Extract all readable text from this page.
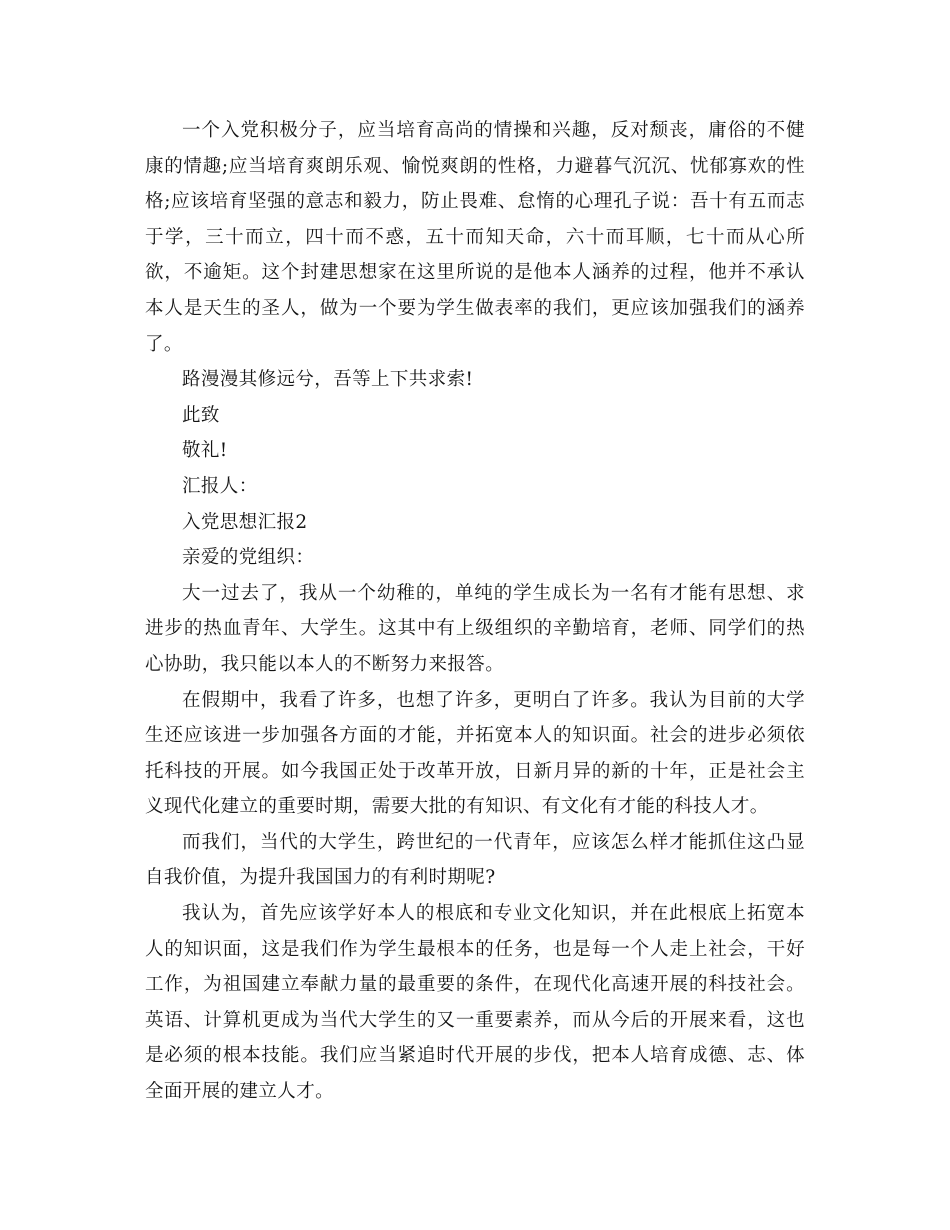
一个入党积极分子，应当培育高尚的情操和兴趣，反对颓丧，庸俗的不健康的情趣;应当培育爽朗乐观、愉悦爽朗的性格，力避暮气沉沉、忧郁寡欢的性格;应该培育坚强的意志和毅力，防止畏难、怠惰的心理孔子说：吾十有五而志于学，三十而立，四十而不惑，五十而知天命，六十而耳顺，七十而从心所欲，不逾矩。这个封建思想家在这里所说的是他本人涵养的过程，他并不承认本人是天生的圣人，做为一个要为学生做表率的我们，更应该加强我们的涵养了。

路漫漫其修远兮，吾等上下共求索!

此致

敬礼!

汇报人：

入党思想汇报2

亲爱的党组织：

大一过去了，我从一个幼稚的，单纯的学生成长为一名有才能有思想、求进步的热血青年、大学生。这其中有上级组织的辛勤培育，老师、同学们的热心协助，我只能以本人的不断努力来报答。

在假期中，我看了许多，也想了许多，更明白了许多。我认为目前的大学生还应该进一步加强各方面的才能，并拓宽本人的知识面。社会的进步必须依托科技的开展。如今我国正处于改革开放，日新月异的新的十年，正是社会主义现代化建立的重要时期，需要大批的有知识、有文化有才能的科技人才。

而我们，当代的大学生，跨世纪的一代青年，应该怎么样才能抓住这凸显自我价值，为提升我国国力的有利时期呢?

我认为，首先应该学好本人的根底和专业文化知识，并在此根底上拓宽本人的知识面，这是我们作为学生最根本的任务，也是每一个人走上社会，干好工作，为祖国建立奉献力量的最重要的条件，在现代化高速开展的科技社会。英语、计算机更成为当代大学生的又一重要素养，而从今后的开展来看，这也是必须的根本技能。我们应当紧追时代开展的步伐，把本人培育成德、志、体全面开展的建立人才。
